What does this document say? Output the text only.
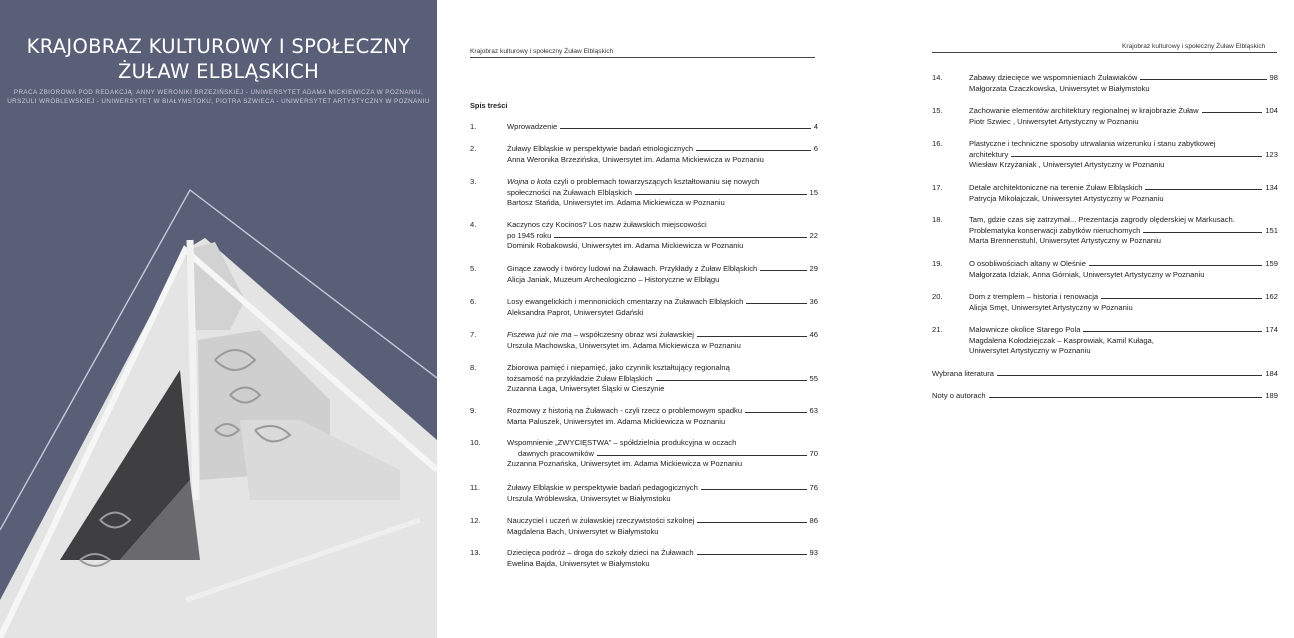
KRAJOBRAZ KULTUROWY I SPOŁECZNY
ŻUŁAW ELBLĄSKICH
PRACA ZBIOROWA POD REDAKCJĄ: ANNY WERONIKI BRZEZIŃSKIEJ - UNIWERSYTET ADAMA MICKIEWICZA W POZNANIU,
URSZULI WRÓBLEWSKIEJ - UNIWERSYTET W BIAŁYMSTOKU, PIOTRA SZWIECA - UNIWERSYTET ARTYSTYCZNY W POZNANIU
Krajobraz kulturowy i społeczny Żuław Elbląskich
Spis treści
1.	Wprowadzenie	4
2.	Żuławy Elbląskie w perspektywie badań etnologicznych	6
Anna Weronika Brzezińska, Uniwersytet im. Adama Mickiewicza w Poznaniu
3.	Wojna o kota czyli o problemach towarzyszących kształtowaniu się nowych
społeczności na Żuławach Elbląskich	15
Bartosz Stańda, Uniwersytet im. Adama Mickiewicza w Poznaniu
4.	Kaczynos czy Kocinos? Los nazw żuławskich miejscowości
po 1945 roku	22
Dominik Robakowski, Uniwersytet im. Adama Mickiewicza w Poznaniu
5.	Ginące zawody i twórcy ludowi na Żuławach. Przykłady z Żuław Elbląskich	29
Alicja Janiak, Muzeum Archeologiczno – Historyczne w Elblągu
6.	Losy ewangelickich i mennonickich cmentarzy na Żuławach Elbląskich	36
Aleksandra Paprot, Uniwersytet Gdański
7.	Fiszewa już nie ma – współczesny obraz wsi żuławskiej	46
Urszula Machowska, Uniwersytet im. Adama Mickiewicza w Poznaniu
8.	Zbiorowa pamięć i niepamięć, jako czynnik kształtujący regionalną
tożsamość na przykładzie Żuław Elbląskich	55
Zuzanna Łaga, Uniwersytet Śląski w Cieszynie
9.	Rozmowy z historią na Żuławach - czyli rzecz o problemowym spadku	63
Marta Paluszek, Uniwersytet im. Adama Mickiewicza w Poznaniu
10.	Wspomnienie „ZWYCIĘSTWA” – spółdzielnia produkcyjna w oczach
dawnych pracowników	70
Zuzanna Poznańska, Uniwersytet im. Adama Mickiewicza w Poznaniu
11.	Żuławy Elbląskie w perspektywie badań pedagogicznych	76
Urszula Wróblewska, Uniwersytet w Białymstoku
12.	Nauczyciel i uczeń w żuławskiej rzeczywistości szkolnej	86
Magdalena Bach, Uniwersytet w Białymstoku
13.	Dziecięca podróż – droga do szkoły dzieci na Żuławach	93
Ewelina Bajda, Uniwersytet w Białymstoku
Krajobraz kulturowy i społeczny Żuław Elbląskich
14.	Zabawy dziecięce we wspomnieniach Żuławiaków	98
Małgorzata Czaczkowska, Uniwersytet w Białymstoku
15.	Zachowanie elementów architektury regionalnej w krajobrazie Żuław	104
Piotr Szwiec , Uniwersytet Artystyczny w Poznaniu
16.	Plastyczne i techniczne sposoby utrwalania wizerunku i stanu zabytkowej
architektury	123
Wiesław Krzyżaniak , Uniwersytet Artystyczny w Poznaniu
17.	Detale architektoniczne na terenie Żuław Elbląskich	134
Patrycja Mikołajczak, Uniwersytet Artystyczny w Poznaniu
18.	Tam, gdzie czas się zatrzymał... Prezentacja zagrody olęderskiej w Markusach.
Problematyka konserwacji zabytków nieruchomych	151
Marta Brennenstuhl, Uniwersytet Artystyczny w Poznaniu
19.	O osobliwościach altany w Oleśnie	159
Małgorzata Idziak, Anna Górniak, Uniwersytet Artystyczny w Poznaniu
20.	Dom z tremplem – historia i renowacja	162
Alicja Smęt, Uniwersytet Artystyczny w Poznaniu
21.	Malownicze okolice Starego Pola	174
Magdalena Kołodziejczak – Kasprowiak, Kamil Kułaga,
Uniwersytet Artystyczny w Poznaniu
Wybrana literatura	184
Noty o autorach	189
